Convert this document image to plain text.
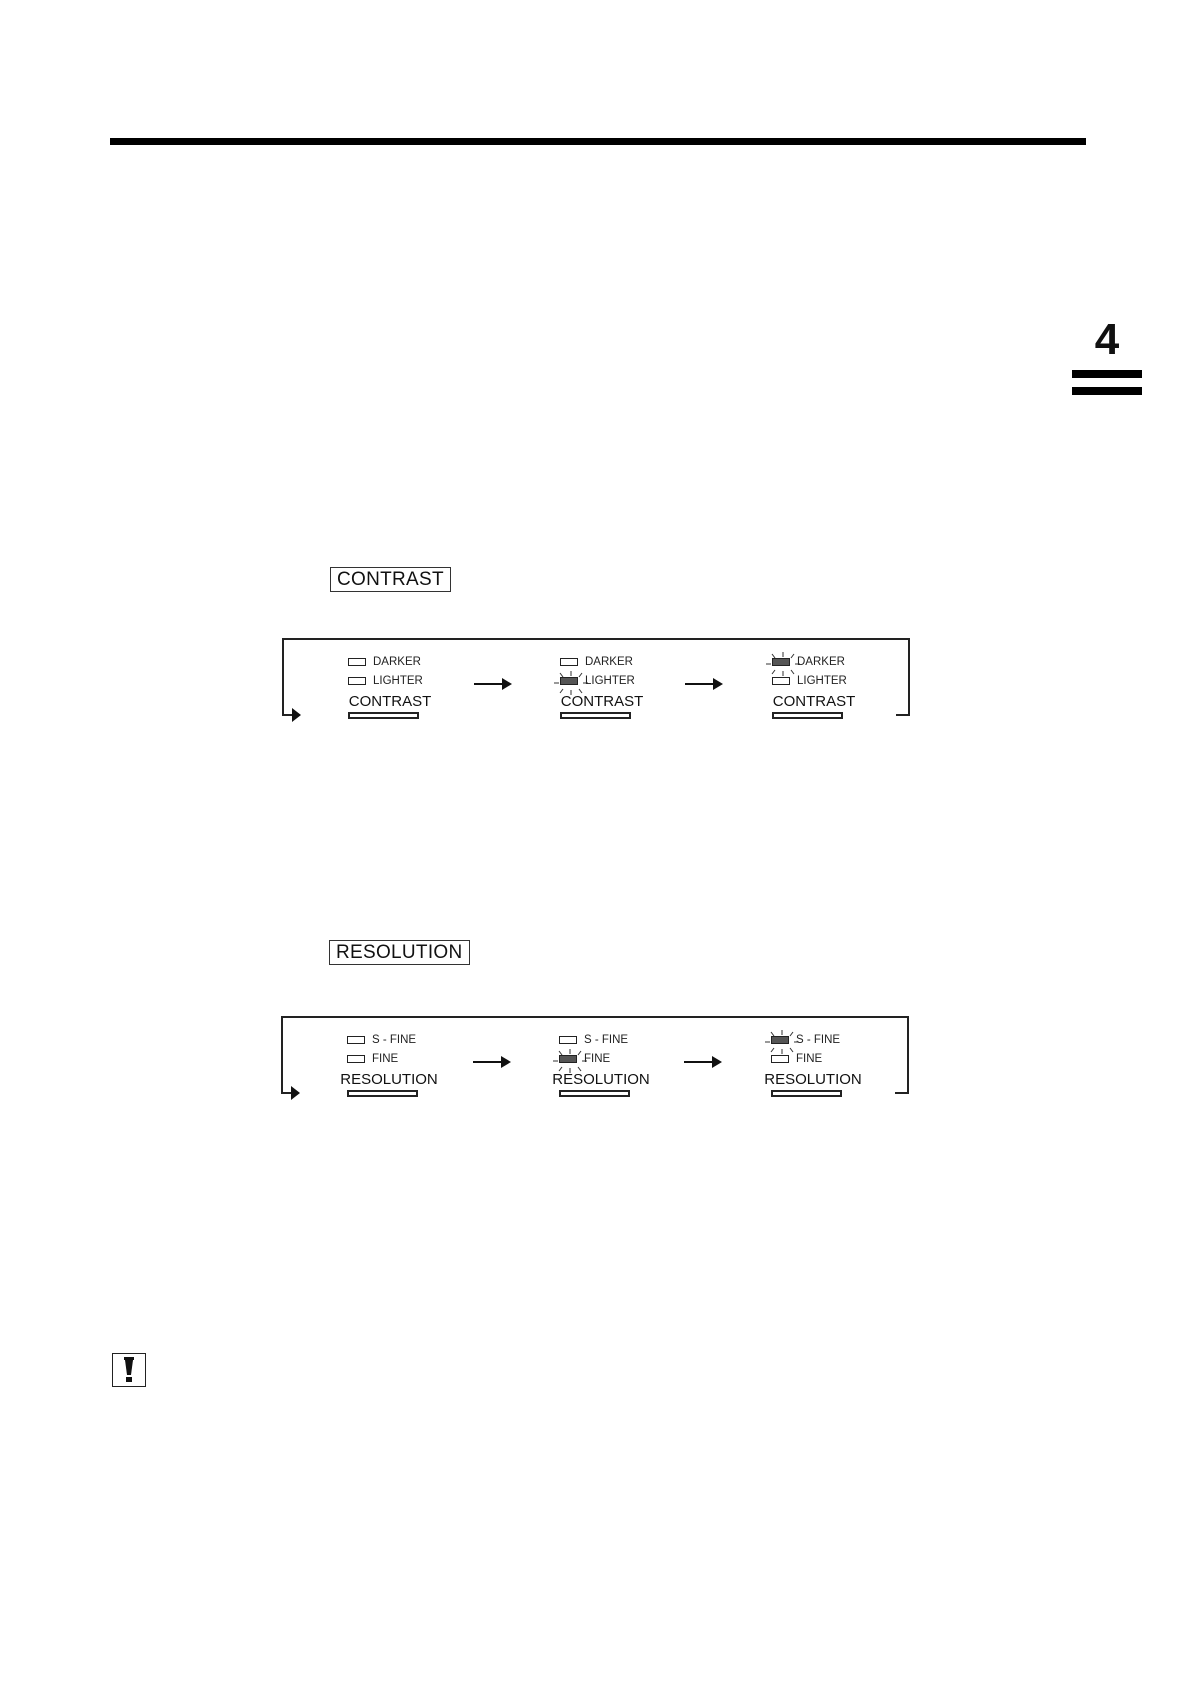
4
CONTRAST
DARKER
LIGHTER
CONTRAST
DARKER
LIGHTER
CONTRAST
DARKER
LIGHTER
CONTRAST
RESOLUTION
S - FINE
FINE
RESOLUTION
S - FINE
FINE
RESOLUTION
S - FINE
FINE
RESOLUTION
